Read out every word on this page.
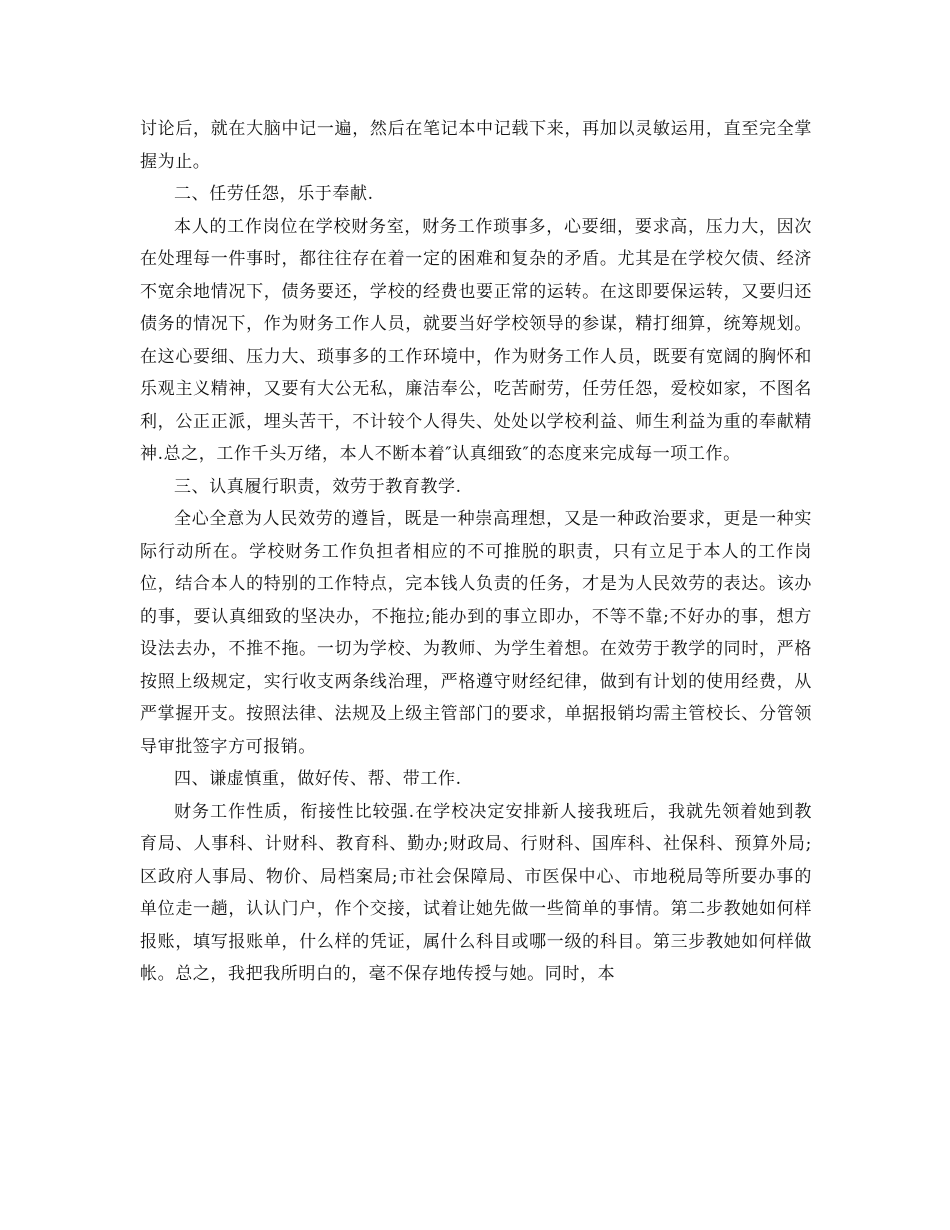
讨论后，就在大脑中记一遍，然后在笔记本中记载下来，再加以灵敏运用，直至完全掌握为止。

二、任劳任怨，乐于奉献.

本人的工作岗位在学校财务室，财务工作琐事多，心要细，要求高，压力大，因次在处理每一件事时，都往往存在着一定的困难和复杂的矛盾。尤其是在学校欠债、经济不宽余地情况下，债务要还，学校的经费也要正常的运转。在这即要保运转，又要归还债务的情况下，作为财务工作人员，就要当好学校领导的参谋，精打细算，统筹规划。在这心要细、压力大、琐事多的工作环境中，作为财务工作人员，既要有宽阔的胸怀和乐观主义精神，又要有大公无私，廉洁奉公，吃苦耐劳，任劳任怨，爱校如家，不图名利，公正正派，埋头苦干，不计较个人得失、处处以学校利益、师生利益为重的奉献精神.总之，工作千头万绪，本人不断本着″认真细致″的态度来完成每一项工作。

三、认真履行职责，效劳于教育教学.

全心全意为人民效劳的遵旨，既是一种崇高理想，又是一种政治要求，更是一种实际行动所在。学校财务工作负担者相应的不可推脱的职责，只有立足于本人的工作岗位，结合本人的特别的工作特点，完本钱人负责的任务，才是为人民效劳的表达。该办的事，要认真细致的坚决办，不拖拉;能办到的事立即办，不等不靠;不好办的事，想方设法去办，不推不拖。一切为学校、为教师、为学生着想。在效劳于教学的同时，严格按照上级规定，实行收支两条线治理，严格遵守财经纪律，做到有计划的使用经费，从严掌握开支。按照法律、法规及上级主管部门的要求，单据报销均需主管校长、分管领导审批签字方可报销。

四、谦虚慎重，做好传、帮、带工作.

财务工作性质，衔接性比较强.在学校决定安排新人接我班后，我就先领着她到教育局、人事科、计财科、教育科、勤办;财政局、行财科、国库科、社保科、预算外局;区政府人事局、物价、局档案局;市社会保障局、市医保中心、市地税局等所要办事的单位走一趟，认认门户，作个交接，试着让她先做一些简单的事情。第二步教她如何样报账，填写报账单，什么样的凭证，属什么科目或哪一级的科目。第三步教她如何样做帐。总之，我把我所明白的，毫不保存地传授与她。同时，本
